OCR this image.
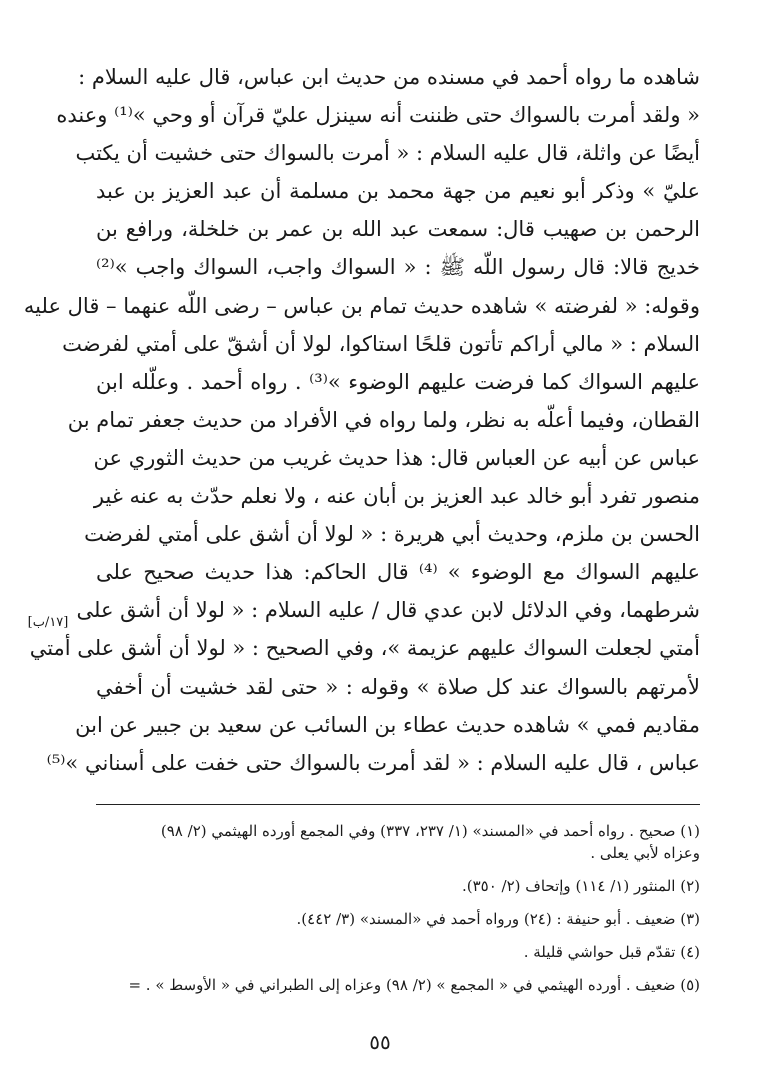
شاهده ما رواه أحمد في مسنده من حديث ابن عباس، قال عليه السلام :
« ولقد أمرت بالسواك حتى ظننت أنه سينزل عليّ قرآن أو وحي »⁽¹⁾ وعنده
أيضًا عن واثلة، قال عليه السلام : « أمرت بالسواك حتى خشيت أن يكتب
عليّ » وذكر أبو نعيم من جهة محمد بن مسلمة أن عبد العزيز بن عبد
الرحمن بن صهيب قال: سمعت عبد الله بن عمر بن خلخلة، ورافع بن
خديج قالا: قال رسول اللّه ﷺ : « السواك واجب، السواك واجب »⁽²⁾
وقوله: « لفرضته » شاهده حديث تمام بن عباس – رضى اللّه عنهما – قال عليه
السلام : « مالي أراكم تأتون قلحًا استاكوا، لولا أن أشقّ على أمتي لفرضت
عليهم السواك كما فرضت عليهم الوضوء »⁽³⁾ . رواه أحمد . وعلّله ابن
القطان، وفيما أعلّه به نظر، ولما رواه في الأفراد من حديث جعفر تمام بن
عباس عن أبيه عن العباس قال: هذا حديث غريب من حديث الثوري عن
منصور تفرد أبو خالد عبد العزيز بن أبان عنه ، ولا نعلم حدّث به عنه غير
الحسن بن ملزم، وحديث أبي هريرة : « لولا أن أشق على أمتي لفرضت
عليهم السواك مع الوضوء » ⁽⁴⁾ قال الحاكم: هذا حديث صحيح على
شرطهما، وفي الدلائل لابن عدي قال / عليه السلام : « لولا أن أشق على
أمتي لجعلت السواك عليهم عزيمة »، وفي الصحيح : « لولا أن أشق على أمتي
لأمرتهم بالسواك عند كل صلاة » وقوله : « حتى لقد خشيت أن أخفي
مقاديم فمي » شاهده حديث عطاء بن السائب عن سعيد بن جبير عن ابن
عباس ، قال عليه السلام : « لقد أمرت بالسواك حتى خفت على أسناني »⁽⁵⁾
[١٧/ب]
(١) صحيح . رواه أحمد في «المسند» (١/ ٢٣٧، ٣٣٧) وفي المجمع أورده الهيثمي (٢/ ٩٨)
وعزاه لأبي يعلى .
(٢) المنثور (١/ ١١٤) وإتحاف (٢/ ٣٥٠).
(٣) ضعيف . أبو حنيفة : (٢٤) ورواه أحمد في «المسند» (٣/ ٤٤٢).
(٤) تقدّم قبل حواشي قليلة .
(٥) ضعيف . أورده الهيثمي في « المجمع » (٢/ ٩٨) وعزاه إلى الطبراني في « الأوسط » . =
٥٥
